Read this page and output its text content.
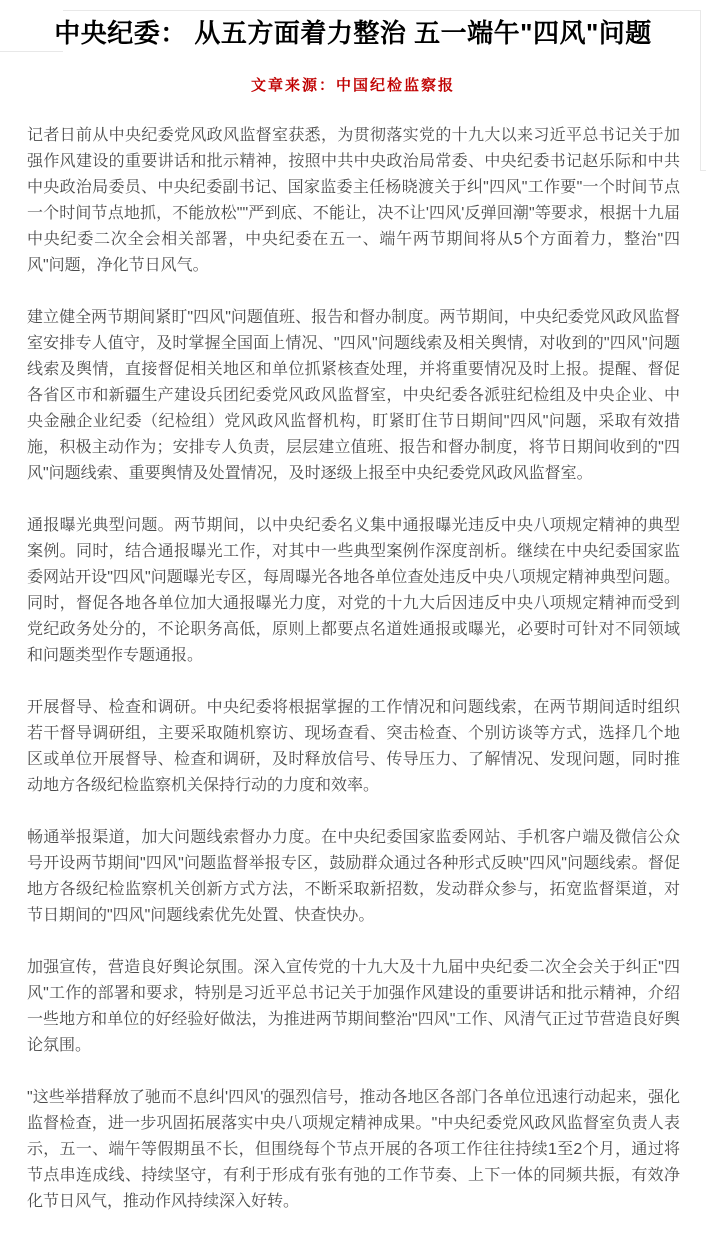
中央纪委： 从五方面着力整治 五一端午"四风"问题
文章来源：中国纪检监察报

记者日前从中央纪委党风政风监督室获悉，为贯彻落实党的十九大以来习近平总书记关于加强作风建设的重要讲话和批示精神，按照中共中央政治局常委、中央纪委书记赵乐际和中共中央政治局委员、中央纪委副书记、国家监委主任杨晓渡关于纠"四风"工作要"一个时间节点一个时间节点地抓，不能放松""严到底、不能让，决不让'四风'反弹回潮"等要求，根据十九届中央纪委二次全会相关部署，中央纪委在五一、端午两节期间将从5个方面着力，整治"四风"问题，净化节日风气。

建立健全两节期间紧盯"四风"问题值班、报告和督办制度。两节期间，中央纪委党风政风监督室安排专人值守，及时掌握全国面上情况、"四风"问题线索及相关舆情，对收到的"四风"问题线索及舆情，直接督促相关地区和单位抓紧核查处理，并将重要情况及时上报。提醒、督促各省区市和新疆生产建设兵团纪委党风政风监督室，中央纪委各派驻纪检组及中央企业、中央金融企业纪委（纪检组）党风政风监督机构，盯紧盯住节日期间"四风"问题，采取有效措施，积极主动作为；安排专人负责，层层建立值班、报告和督办制度，将节日期间收到的"四风"问题线索、重要舆情及处置情况，及时逐级上报至中央纪委党风政风监督室。

通报曝光典型问题。两节期间，以中央纪委名义集中通报曝光违反中央八项规定精神的典型案例。同时，结合通报曝光工作，对其中一些典型案例作深度剖析。继续在中央纪委国家监委网站开设"四风"问题曝光专区，每周曝光各地各单位查处违反中央八项规定精神典型问题。同时，督促各地各单位加大通报曝光力度，对党的十九大后因违反中央八项规定精神而受到党纪政务处分的，不论职务高低，原则上都要点名道姓通报或曝光，必要时可针对不同领域和问题类型作专题通报。

开展督导、检查和调研。中央纪委将根据掌握的工作情况和问题线索，在两节期间适时组织若干督导调研组，主要采取随机察访、现场查看、突击检查、个别访谈等方式，选择几个地区或单位开展督导、检查和调研，及时释放信号、传导压力、了解情况、发现问题，同时推动地方各级纪检监察机关保持行动的力度和效率。

畅通举报渠道，加大问题线索督办力度。在中央纪委国家监委网站、手机客户端及微信公众号开设两节期间"四风"问题监督举报专区，鼓励群众通过各种形式反映"四风"问题线索。督促地方各级纪检监察机关创新方式方法，不断采取新招数，发动群众参与，拓宽监督渠道，对节日期间的"四风"问题线索优先处置、快查快办。

加强宣传，营造良好舆论氛围。深入宣传党的十九大及十九届中央纪委二次全会关于纠正"四风"工作的部署和要求，特别是习近平总书记关于加强作风建设的重要讲话和批示精神，介绍一些地方和单位的好经验好做法，为推进两节期间整治"四风"工作、风清气正过节营造良好舆论氛围。

"这些举措释放了驰而不息纠'四风'的强烈信号，推动各地区各部门各单位迅速行动起来，强化监督检查，进一步巩固拓展落实中央八项规定精神成果。"中央纪委党风政风监督室负责人表示，五一、端午等假期虽不长，但围绕每个节点开展的各项工作往往持续1至2个月，通过将节点串连成线、持续坚守，有利于形成有张有弛的工作节奏、上下一体的同频共振，有效净化节日风气，推动作风持续深入好转。
